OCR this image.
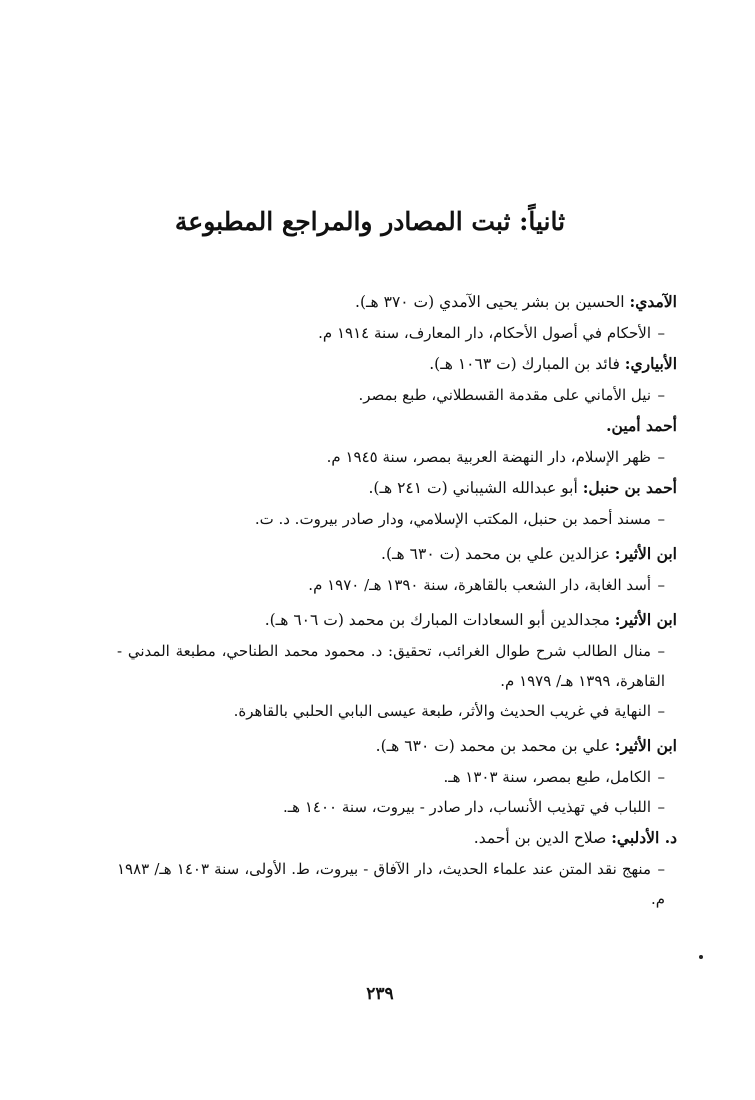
ثانياً: ثبت المصادر والمراجع المطبوعة
الآمدي: الحسين بن بشر يحيى الآمدي (ت ٣٧٠ هـ).
–الأحكام في أصول الأحكام، دار المعارف، سنة ١٩١٤ م.
الأبياري: فائد بن المبارك (ت ١٠٦٣ هـ).
–نيل الأماني على مقدمة القسطلاني، طبع بمصر.
أحمد أمين.
–ظهر الإسلام، دار النهضة العربية بمصر، سنة ١٩٤٥ م.
أحمد بن حنبل: أبو عبدالله الشيباني (ت ٢٤١ هـ).
–مسند أحمد بن حنبل، المكتب الإسلامي، ودار صادر بيروت. د. ت.
ابن الأثير: عزالدين علي بن محمد (ت ٦٣٠ هـ).
–أسد الغابة، دار الشعب بالقاهرة، سنة ١٣٩٠ هـ/ ١٩٧٠ م.
ابن الأثير: مجدالدين أبو السعادات المبارك بن محمد (ت ٦٠٦ هـ).
–منال الطالب شرح طوال الغرائب، تحقيق: د. محمود محمد الطناحي، مطبعة المدني - القاهرة، ١٣٩٩ هـ/ ١٩٧٩ م.
–النهاية في غريب الحديث والأثر، طبعة عيسى البابي الحلبي بالقاهرة.
ابن الأثير: علي بن محمد بن محمد (ت ٦٣٠ هـ).
–الكامل، طبع بمصر، سنة ١٣٠٣ هـ.
–اللباب في تهذيب الأنساب، دار صادر - بيروت، سنة ١٤٠٠ هـ.
د. الأدلبي: صلاح الدين بن أحمد.
–منهج نقد المتن عند علماء الحديث، دار الآفاق - بيروت، ط. الأولى، سنة ١٤٠٣ هـ/ ١٩٨٣ م.
٢٣٩
